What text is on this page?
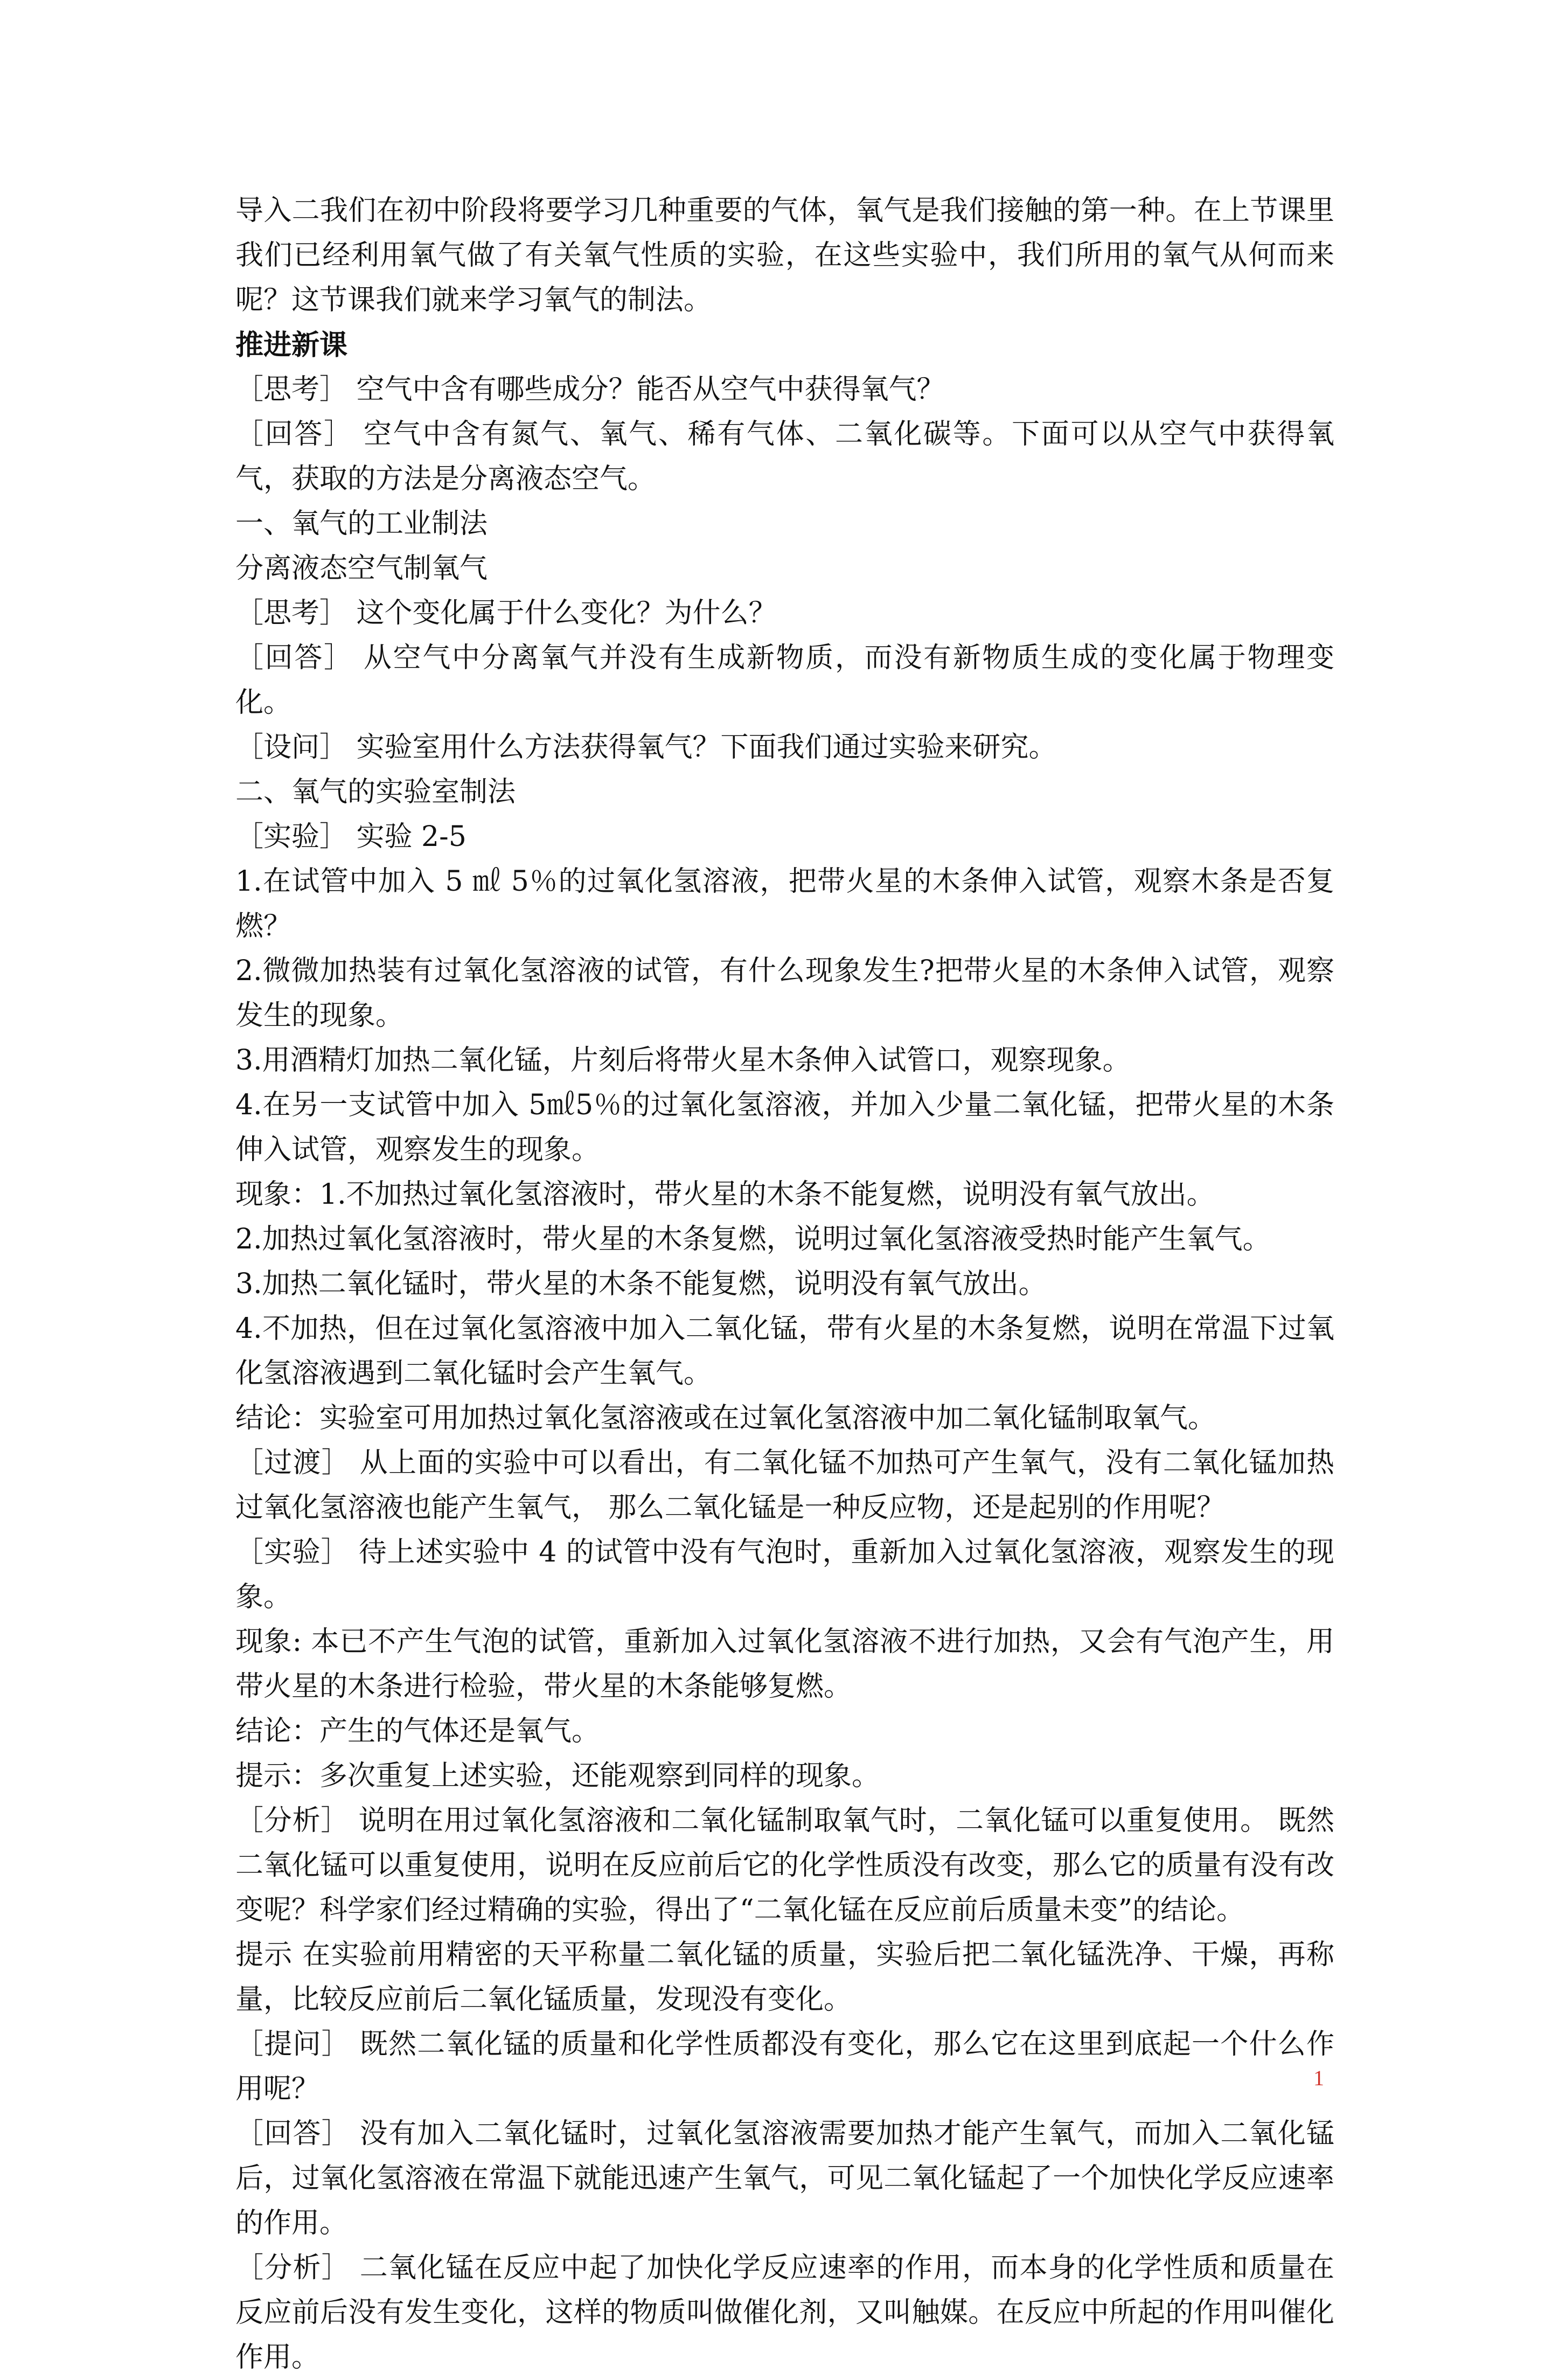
导入二我们在初中阶段将要学习几种重要的气体，氧气是我们接触的第一种。在上节课里我们已经利用氧气做了有关氧气性质的实验，在这些实验中，我们所用的氧气从何而来呢？这节课我们就来学习氧气的制法。

推进新课

［思考］ 空气中含有哪些成分？能否从空气中获得氧气？

［回答］ 空气中含有氮气、氧气、稀有气体、二氧化碳等。下面可以从空气中获得氧气，获取的方法是分离液态空气。

一、氧气的工业制法

分离液态空气制氧气

［思考］ 这个变化属于什么变化？为什么？

［回答］ 从空气中分离氧气并没有生成新物质，而没有新物质生成的变化属于物理变化。

［设问］ 实验室用什么方法获得氧气？下面我们通过实验来研究。

二、氧气的实验室制法

［实验］ 实验 2-5

1.在试管中加入 5 ㎖ 5％的过氧化氢溶液，把带火星的木条伸入试管，观察木条是否复燃？

2.微微加热装有过氧化氢溶液的试管，有什么现象发生?把带火星的木条伸入试管，观察发生的现象。

3.用酒精灯加热二氧化锰，片刻后将带火星木条伸入试管口，观察现象。

4.在另一支试管中加入 5㎖5％的过氧化氢溶液，并加入少量二氧化锰，把带火星的木条伸入试管，观察发生的现象。

现象：1.不加热过氧化氢溶液时，带火星的木条不能复燃，说明没有氧气放出。

2.加热过氧化氢溶液时，带火星的木条复燃，说明过氧化氢溶液受热时能产生氧气。

3.加热二氧化锰时，带火星的木条不能复燃，说明没有氧气放出。

4.不加热，但在过氧化氢溶液中加入二氧化锰，带有火星的木条复燃，说明在常温下过氧化氢溶液遇到二氧化锰时会产生氧气。

结论：实验室可用加热过氧化氢溶液或在过氧化氢溶液中加二氧化锰制取氧气。

［过渡］ 从上面的实验中可以看出，有二氧化锰不加热可产生氧气，没有二氧化锰加热过氧化氢溶液也能产生氧气， 那么二氧化锰是一种反应物，还是起别的作用呢？

［实验］ 待上述实验中 4 的试管中没有气泡时，重新加入过氧化氢溶液，观察发生的现象。

现象: 本已不产生气泡的试管，重新加入过氧化氢溶液不进行加热，又会有气泡产生，用带火星的木条进行检验，带火星的木条能够复燃。

结论：产生的气体还是氧气。

提示：多次重复上述实验，还能观察到同样的现象。

［分析］ 说明在用过氧化氢溶液和二氧化锰制取氧气时，二氧化锰可以重复使用。 既然二氧化锰可以重复使用，说明在反应前后它的化学性质没有改变，那么它的质量有没有改变呢？科学家们经过精确的实验，得出了“二氧化锰在反应前后质量未变”的结论。

提示 在实验前用精密的天平称量二氧化锰的质量，实验后把二氧化锰洗净、干燥，再称量，比较反应前后二氧化锰质量，发现没有变化。

［提问］ 既然二氧化锰的质量和化学性质都没有变化，那么它在这里到底起一个什么作用呢？

［回答］ 没有加入二氧化锰时，过氧化氢溶液需要加热才能产生氧气，而加入二氧化锰后，过氧化氢溶液在常温下就能迅速产生氧气，可见二氧化锰起了一个加快化学反应速率的作用。

［分析］ 二氧化锰在反应中起了加快化学反应速率的作用，而本身的化学性质和质量在反应前后没有发生变化，这样的物质叫做催化剂，又叫触媒。在反应中所起的作用叫催化作用。

1
